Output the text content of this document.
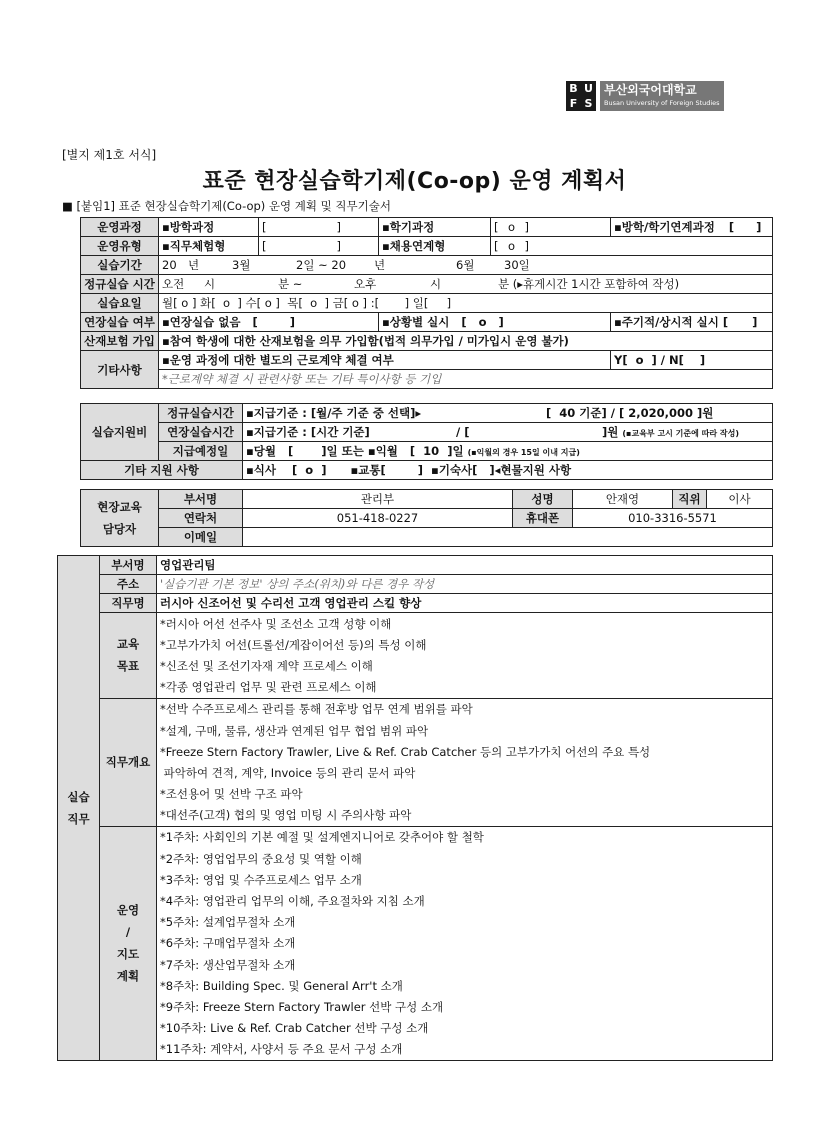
B U
F S
부산외국어대학교
Busan University of Foreign Studies
[별지 제1호 서식]
표준 현장실습학기제(Co-op) 운영 계획서
■ [붙임1] 표준 현장실습학기제(Co-op) 운영 계획 및 직무기술서
운영과정	▪방학과정	[ ]	▪학기과정	[ o ]	▪방학/학기연계과정 [ ]
운영유형	▪직무체험형	[ ]	▪채용연계형	[ o ]	
실습기간	20 년 3월 2일 ~ 20 년 6월 30일				
정규실습 시간	오전 시 분 ~ 오후 시 분 (▸휴게시간 1시간 포함하여 작성)				
실습요일	월[ o ] 화[  o  ] 수[ o ]  목[  o  ] 금[ o ] :[       ] 일[     ]				
연장실습 여부	▪연장실습 없음   [        ]		▪상황별 실시   [   o   ]		▪주기적/상시적 실시 [      ]
산재보험 가입	▪참여 학생에 대한 산재보험을 의무 가입함(법적 의무가입 / 미가입시 운영 불가)				
기타사항	▪운영 과정에 대한 별도의 근로계약 체결 여부				Y[  o  ] / N[    ]
	*근로계약 체결 시 관련사항 또는 기타 특이사항 등 기입				
실습지원비	정규실습시간	▪지급기준 : [월/주 기준 중 선택]▸ [  40 기준] / [ 2,020,000 ]원
	연장실습시간	▪지급기준 : [시간 기준] / [ ]원 (▪교육부 고시 기준에 따라 작성)
	지급예정일	▪당월   [       ]일 또는 ▪익월   [  10  ]일 (▪익월의 경우 15일 이내 지급)
기타 지원 사항		▪식사    [  o  ]      ▪교통[        ]  ▪기숙사[   ]◂현물지원 사항
현장교육
담당자	부서명	관리부	성명	안재영	직위	이사
	연락처	051-418-0227	휴대폰	010-3316-5571		
	이메일					
실습
직무	부서명	영업관리팀
	주소	'실습기관 기본 정보' 상의 주소(위치)와 다른 경우 작성
	직무명	러시아 신조어선 및 수리선 고객 영업관리 스킬 향상

	교육
목표	*러시아 어선 선주사 및 조선소 고객 성향 이해
		*고부가가치 어선(트롤선/게잡이어선 등)의 특성 이해
		*신조선 및 조선기자재 계약 프로세스 이해
		*각종 영업관리 업무 및 관련 프로세스 이해
	직무개요	*선박 수주프로세스 관리를 통해 전후방 업무 연계 범위를 파악
		*설계, 구매, 물류, 생산과 연계된 업무 협업 범위 파악
		*Freeze Stern Factory Trawler, Live & Ref. Crab Catcher 등의 고부가가치 어선의 주요 특성
		파악하여 견적, 계약, Invoice 등의 관리 문서 파악
		*조선용어 및 선박 구조 파악
		*대선주(고객) 협의 및 영업 미팅 시 주의사항 파악

	운영
/
지도
계획	*1주차: 사회인의 기본 예절 및 설계엔지니어로 갖추어야 할 철학
		*2주차: 영업업무의 중요성 및 역할 이해
		*3주차: 영업 및 수주프로세스 업무 소개
		*4주차: 영업관리 업무의 이해, 주요절차와 지침 소개
		*5주차: 설계업무절차 소개
		*6주차: 구매업무절차 소개
		*7주차: 생산업무절차 소개
		*8주차: Building Spec. 및 General Arr't 소개
		*9주차: Freeze Stern Factory Trawler 선박 구성 소개
		*10주차: Live & Ref. Crab Catcher 선박 구성 소개
		*11주차: 계약서, 사양서 등 주요 문서 구성 소개
